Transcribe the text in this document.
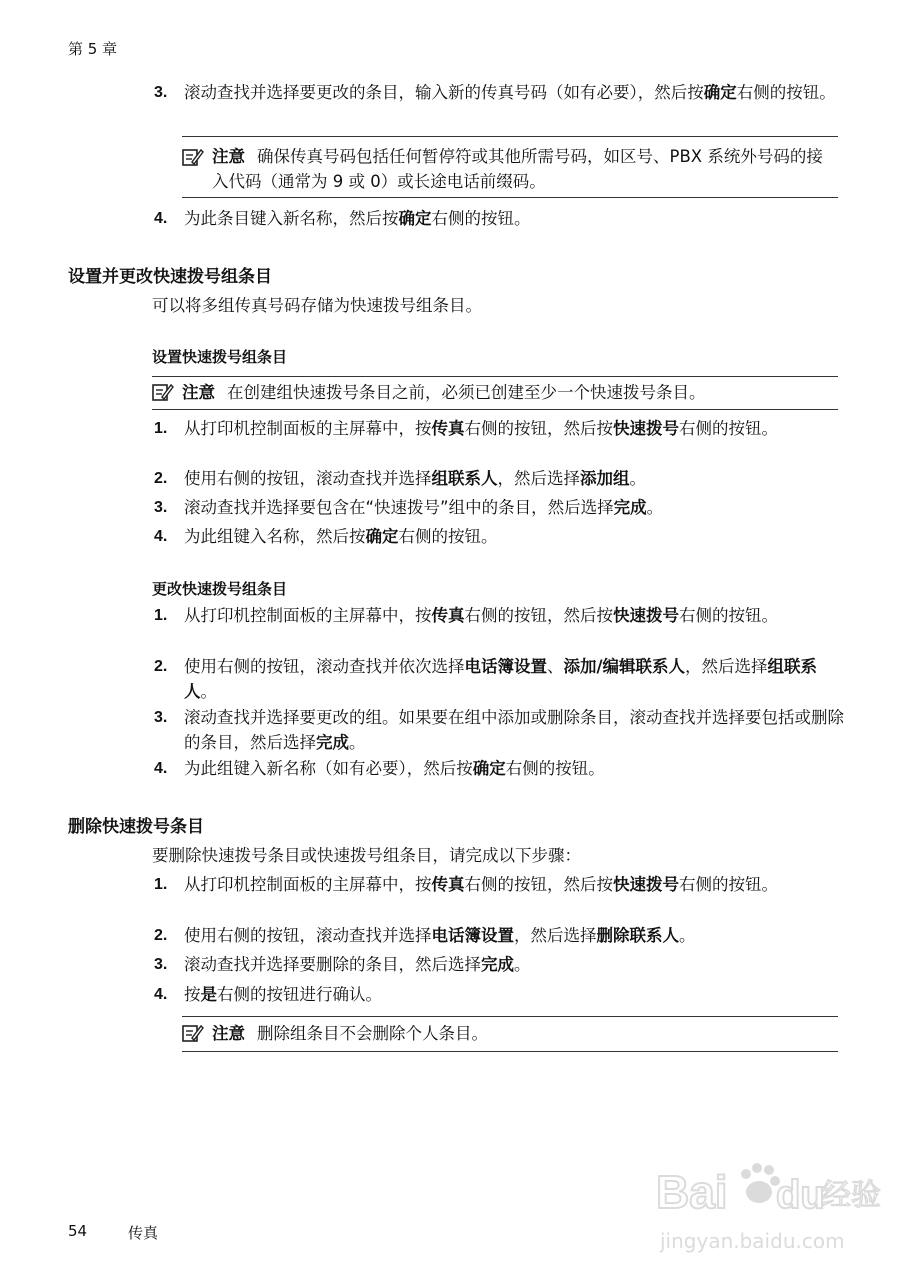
第 5 章
3. 滚动查找并选择要更改的条目，输入新的传真号码（如有必要），然后按确定右侧的按钮。
注意 确保传真号码包括任何暂停符或其他所需号码，如区号、PBX 系统外号码的接入代码（通常为 9 或 0）或长途电话前缀码。
4. 为此条目键入新名称，然后按确定右侧的按钮。
设置并更改快速拨号组条目
可以将多组传真号码存储为快速拨号组条目。
设置快速拨号组条目
注意 在创建组快速拨号条目之前，必须已创建至少一个快速拨号条目。
1. 从打印机控制面板的主屏幕中，按传真右侧的按钮，然后按快速拨号右侧的按钮。
2. 使用右侧的按钮，滚动查找并选择组联系人，然后选择添加组。
3. 滚动查找并选择要包含在“快速拨号”组中的条目，然后选择完成。
4. 为此组键入名称，然后按确定右侧的按钮。
更改快速拨号组条目
1. 从打印机控制面板的主屏幕中，按传真右侧的按钮，然后按快速拨号右侧的按钮。
2. 使用右侧的按钮，滚动查找并依次选择电话簿设置、添加/编辑联系人，然后选择组联系人。
3. 滚动查找并选择要更改的组。如果要在组中添加或删除条目，滚动查找并选择要包括或删除的条目，然后选择完成。
4. 为此组键入新名称（如有必要），然后按确定右侧的按钮。
删除快速拨号条目
要删除快速拨号条目或快速拨号组条目，请完成以下步骤：
1. 从打印机控制面板的主屏幕中，按传真右侧的按钮，然后按快速拨号右侧的按钮。
2. 使用右侧的按钮，滚动查找并选择电话簿设置，然后选择删除联系人。
3. 滚动查找并选择要删除的条目，然后选择完成。
4. 按是右侧的按钮进行确认。
注意 删除组条目不会删除个人条目。
54	传真
Bai du
经验
jingyan.baidu.com
